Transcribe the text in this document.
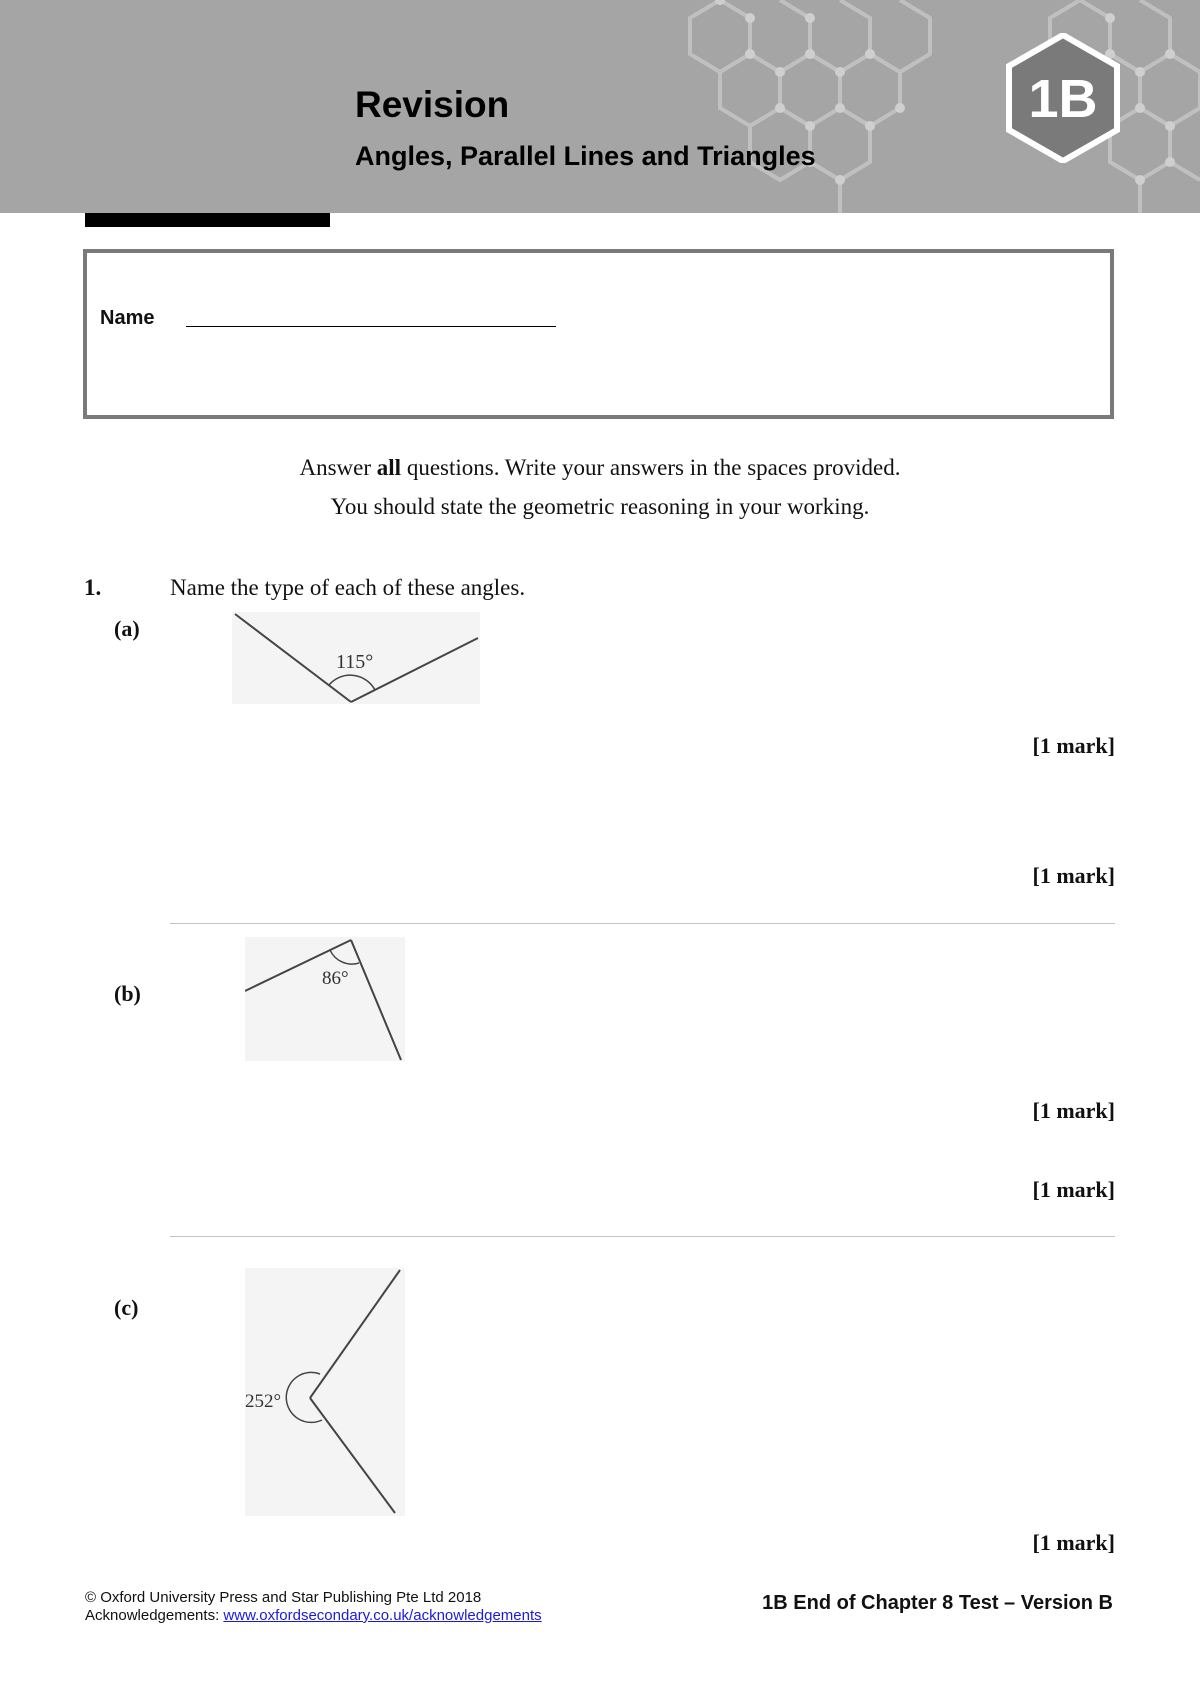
Revision
Angles, Parallel Lines and Triangles
1B
Name
Answer all questions. Write your answers in the spaces provided.
You should state the geometric reasoning in your working.
1.	Name the type of each of these angles.
(a)
115°
[1 mark]
[1 mark]
(b)
86°
[1 mark]
[1 mark]
(c)
252°
[1 mark]
© Oxford University Press and Star Publishing Pte Ltd 2018
Acknowledgements: www.oxfordsecondary.co.uk/acknowledgements
1B End of Chapter 8 Test – Version B
